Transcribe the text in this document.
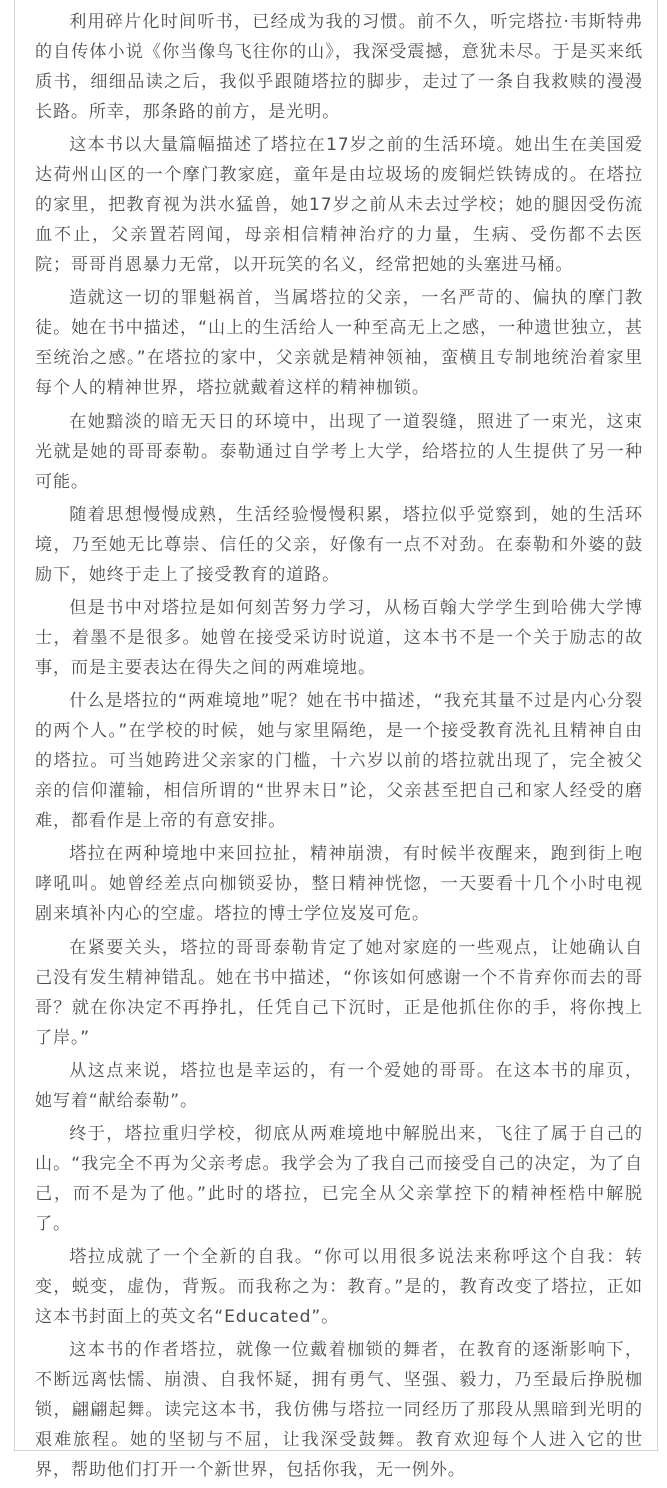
利用碎片化时间听书，已经成为我的习惯。前不久，听完塔拉·韦斯特弗的自传体小说《你当像鸟飞往你的山》，我深受震撼，意犹未尽。于是买来纸质书，细细品读之后，我似乎跟随塔拉的脚步，走过了一条自我救赎的漫漫长路。所幸，那条路的前方，是光明。

这本书以大量篇幅描述了塔拉在17岁之前的生活环境。她出生在美国爱达荷州山区的一个摩门教家庭，童年是由垃圾场的废铜烂铁铸成的。在塔拉的家里，把教育视为洪水猛兽，她17岁之前从未去过学校；她的腿因受伤流血不止，父亲置若罔闻，母亲相信精神治疗的力量，生病、受伤都不去医院；哥哥肖恩暴力无常，以开玩笑的名义，经常把她的头塞进马桶。

造就这一切的罪魁祸首，当属塔拉的父亲，一名严苛的、偏执的摩门教徒。她在书中描述，“山上的生活给人一种至高无上之感，一种遗世独立，甚至统治之感。”在塔拉的家中，父亲就是精神领袖，蛮横且专制地统治着家里每个人的精神世界，塔拉就戴着这样的精神枷锁。

在她黯淡的暗无天日的环境中，出现了一道裂缝，照进了一束光，这束光就是她的哥哥泰勒。泰勒通过自学考上大学，给塔拉的人生提供了另一种可能。

随着思想慢慢成熟，生活经验慢慢积累，塔拉似乎觉察到，她的生活环境，乃至她无比尊崇、信任的父亲，好像有一点不对劲。在泰勒和外婆的鼓励下，她终于走上了接受教育的道路。

但是书中对塔拉是如何刻苦努力学习，从杨百翰大学学生到哈佛大学博士，着墨不是很多。她曾在接受采访时说道，这本书不是一个关于励志的故事，而是主要表达在得失之间的两难境地。

什么是塔拉的“两难境地”呢？她在书中描述，“我充其量不过是内心分裂的两个人。”在学校的时候，她与家里隔绝，是一个接受教育洗礼且精神自由的塔拉。可当她跨进父亲家的门槛，十六岁以前的塔拉就出现了，完全被父亲的信仰灌输，相信所谓的“世界末日”论，父亲甚至把自己和家人经受的磨难，都看作是上帝的有意安排。

塔拉在两种境地中来回拉扯，精神崩溃，有时候半夜醒来，跑到街上咆哮吼叫。她曾经差点向枷锁妥协，整日精神恍惚，一天要看十几个小时电视剧来填补内心的空虚。塔拉的博士学位岌岌可危。

在紧要关头，塔拉的哥哥泰勒肯定了她对家庭的一些观点，让她确认自己没有发生精神错乱。她在书中描述，“你该如何感谢一个不肯弃你而去的哥哥？就在你决定不再挣扎，任凭自己下沉时，正是他抓住你的手，将你拽上了岸。”

从这点来说，塔拉也是幸运的，有一个爱她的哥哥。在这本书的扉页，她写着“献给泰勒”。

终于，塔拉重归学校，彻底从两难境地中解脱出来，飞往了属于自己的山。“我完全不再为父亲考虑。我学会为了我自己而接受自己的决定，为了自己，而不是为了他。”此时的塔拉，已完全从父亲掌控下的精神桎梏中解脱了。

塔拉成就了一个全新的自我。“你可以用很多说法来称呼这个自我：转变，蜕变，虚伪，背叛。而我称之为：教育。”是的，教育改变了塔拉，正如这本书封面上的英文名“Educated”。

这本书的作者塔拉，就像一位戴着枷锁的舞者，在教育的逐渐影响下，不断远离怯懦、崩溃、自我怀疑，拥有勇气、坚强、毅力，乃至最后挣脱枷锁，翩翩起舞。读完这本书，我仿佛与塔拉一同经历了那段从黑暗到光明的艰难旅程。她的坚韧与不屈，让我深受鼓舞。教育欢迎每个人进入它的世界，帮助他们打开一个新世界，包括你我，无一例外。
